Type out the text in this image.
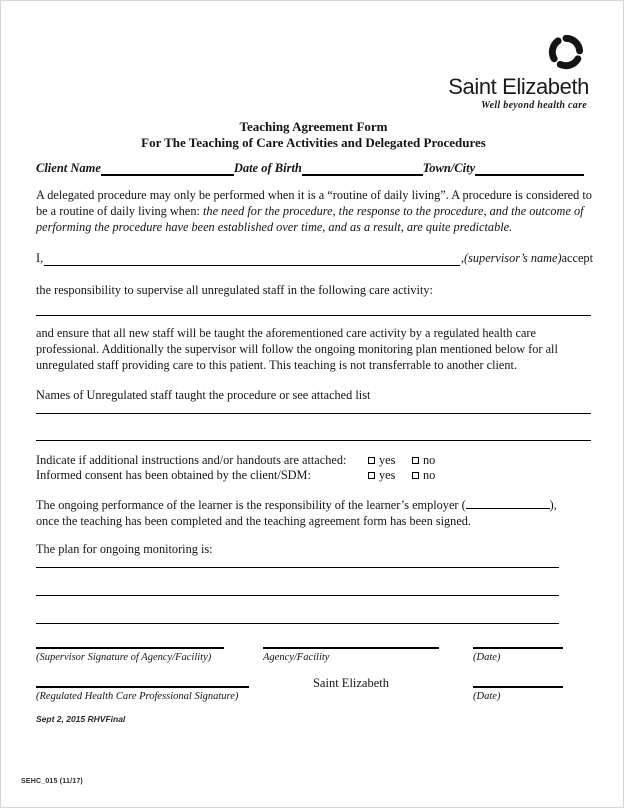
Saint Elizabeth
Well beyond health care
Teaching Agreement Form
For The Teaching of Care Activities and Delegated Procedures
Client Name	Date of Birth	Town/City
A delegated procedure may only be performed when it is a “routine of daily living”. A procedure is considered to be a routine of daily living when: the need for the procedure, the response to the procedure, and the outcome of performing the procedure have been established over time, and as a result, are quite predictable.
I,	, (supervisor’s name) accept
the responsibility to supervise all unregulated staff in the following care activity:
and ensure that all new staff will be taught the aforementioned care activity by a regulated health care professional. Additionally the supervisor will follow the ongoing monitoring plan mentioned below for all unregulated staff providing care to this patient. This teaching is not transferrable to another client.
Names of Unregulated staff taught the procedure or see attached list
Indicate if additional instructions and/or handouts are attached:	yes no
Informed consent has been obtained by the client/SDM:	yes no
The ongoing performance of the learner is the responsibility of the learner’s employer (	),
once the teaching has been completed and the teaching agreement form has been signed.
The plan for ongoing monitoring is:
(Supervisor Signature of Agency/Facility)	Agency/Facility	(Date)
Saint Elizabeth
(Regulated Health Care Professional Signature)	(Date)
Sept 2, 2015 RHVFinal
SEHC_015 (11/17)
